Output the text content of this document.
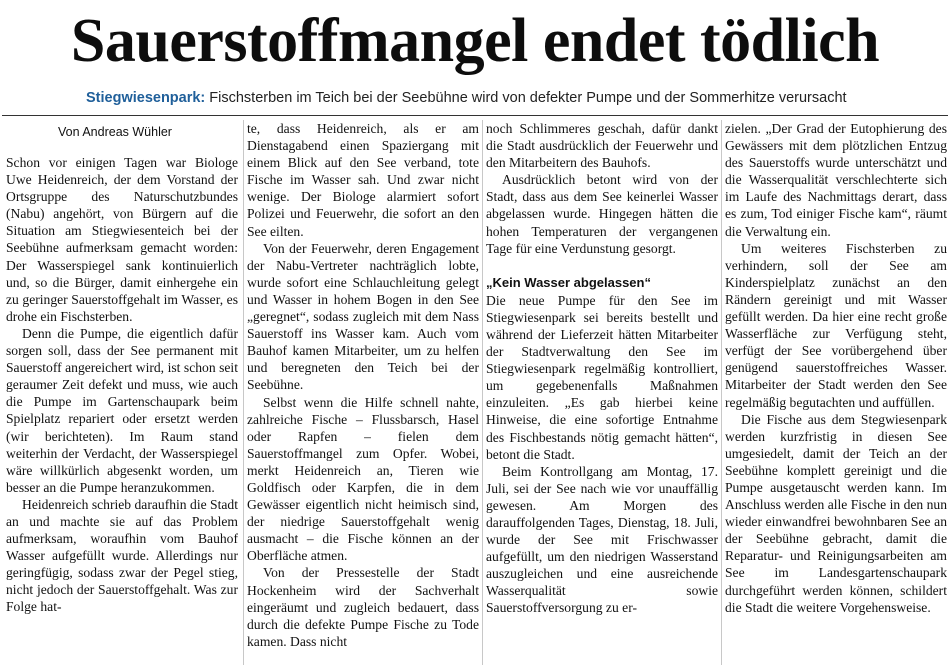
Sauerstoffmangel endet tödlich
Stiegwiesenpark: Fischsterben im Teich bei der Seebühne wird von defekter Pumpe und der Sommerhitze verursacht
Von Andreas Wühler

Schon vor einigen Tagen war Biologe Uwe Heidenreich, der dem Vorstand der Ortsgruppe des Naturschutzbundes (Nabu) angehört, von Bürgern auf die Situation am Stiegwiesenteich bei der Seebühne aufmerksam gemacht worden: Der Wasserspiegel sank kontinuierlich und, so die Bürger, damit einhergehe ein zu geringer Sauerstoffgehalt im Wasser, es drohe ein Fischsterben.

Denn die Pumpe, die eigentlich dafür sorgen soll, dass der See permanent mit Sauerstoff angereichert wird, ist schon seit geraumer Zeit defekt und muss, wie auch die Pumpe im Gartenschaupark beim Spielplatz repariert oder ersetzt werden (wir berichteten). Im Raum stand weiterhin der Verdacht, der Wasserspiegel wäre willkürlich abgesenkt worden, um besser an die Pumpe heranzukommen.

Heidenreich schrieb daraufhin die Stadt an und machte sie auf das Problem aufmerksam, woraufhin vom Bauhof Wasser aufgefüllt wurde. Allerdings nur geringfügig, sodass zwar der Pegel stieg, nicht jedoch der Sauerstoffgehalt. Was zur Folge hat-

te, dass Heidenreich, als er am Dienstagabend einen Spaziergang mit einem Blick auf den See verband, tote Fische im Wasser sah. Und zwar nicht wenige. Der Biologe alarmiert sofort Polizei und Feuerwehr, die sofort an den See eilten.

Von der Feuerwehr, deren Engagement der Nabu-Vertreter nachträglich lobte, wurde sofort eine Schlauchleitung gelegt und Wasser in hohem Bogen in den See „geregnet“, sodass zugleich mit dem Nass Sauerstoff ins Wasser kam. Auch vom Bauhof kamen Mitarbeiter, um zu helfen und beregneten den Teich bei der Seebühne.

Selbst wenn die Hilfe schnell nahte, zahlreiche Fische – Flussbarsch, Hasel oder Rapfen – fielen dem Sauerstoffmangel zum Opfer. Wobei, merkt Heidenreich an, Tieren wie Goldfisch oder Karpfen, die in dem Gewässer eigentlich nicht heimisch sind, der niedrige Sauerstoffgehalt wenig ausmacht – die Fische können an der Oberfläche atmen.

Von der Pressestelle der Stadt Hockenheim wird der Sachverhalt eingeräumt und zugleich bedauert, dass durch die defekte Pumpe Fische zu Tode kamen. Dass nicht

noch Schlimmeres geschah, dafür dankt die Stadt ausdrücklich der Feuerwehr und den Mitarbeitern des Bauhofs.

Ausdrücklich betont wird von der Stadt, dass aus dem See keinerlei Wasser abgelassen wurde. Hingegen hätten die hohen Temperaturen der vergangenen Tage für eine Verdunstung gesorgt.

„Kein Wasser abgelassen“

Die neue Pumpe für den See im Stiegwiesenpark sei bereits bestellt und während der Lieferzeit hätten Mitarbeiter der Stadtverwaltung den See im Stiegwiesenpark regelmäßig kontrolliert, um gegebenenfalls Maßnahmen einzuleiten. „Es gab hierbei keine Hinweise, die eine sofortige Entnahme des Fischbestands nötig gemacht hätten“, betont die Stadt.

Beim Kontrollgang am Montag, 17. Juli, sei der See nach wie vor unauffällig gewesen. Am Morgen des darauffolgenden Tages, Dienstag, 18. Juli, wurde der See mit Frischwasser aufgefüllt, um den niedrigen Wasserstand auszugleichen und eine ausreichende Wasserqualität sowie Sauerstoffversorgung zu er-

zielen. „Der Grad der Eutophierung des Gewässers mit dem plötzlichen Entzug des Sauerstoffs wurde unterschätzt und die Wasserqualität verschlechterte sich im Laufe des Nachmittags derart, dass es zum, Tod einiger Fische kam“, räumt die Verwaltung ein.

Um weiteres Fischsterben zu verhindern, soll der See am Kinderspielplatz zunächst an den Rändern gereinigt und mit Wasser gefüllt werden. Da hier eine recht große Wasserfläche zur Verfügung steht, verfügt der See vorübergehend über genügend sauerstoffreiches Wasser. Mitarbeiter der Stadt werden den See regelmäßig begutachten und auffüllen.

Die Fische aus dem Stegwiesenpark werden kurzfristig in diesen See umgesiedelt, damit der Teich an der Seebühne komplett gereinigt und die Pumpe ausgetauscht werden kann. Im Anschluss werden alle Fische in den nun wieder einwandfrei bewohnbaren See an der Seebühne gebracht, damit die Reparatur- und Reinigungsarbeiten am See im Landesgartenschaupark durchgeführt werden können, schildert die Stadt die weitere Vorgehensweise.
